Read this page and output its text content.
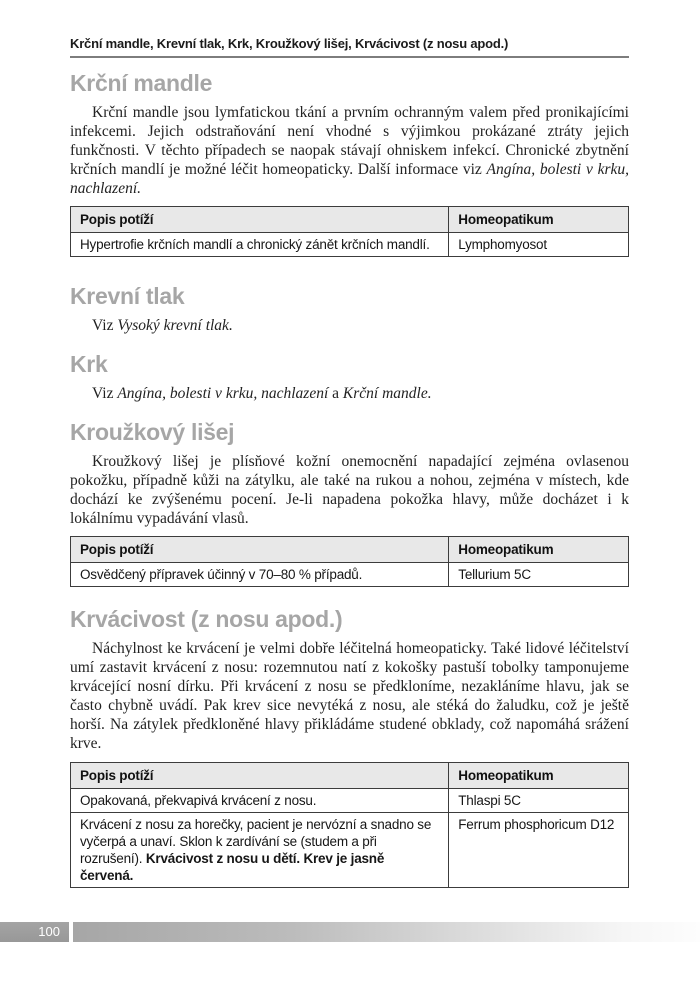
Krční mandle, Krevní tlak, Krk, Kroužkový lišej, Krvácivost (z nosu apod.)
Krční mandle

Krční mandle jsou lymfatickou tkání a prvním ochranným valem před pronikajícími infekcemi. Jejich odstraňování není vhodné s výjimkou prokázané ztráty jejich funkčnosti. V těchto případech se naopak stávají ohniskem infekcí. Chronické zbytnění krčních mandlí je možné léčit homeopaticky. Další informace viz Angína, bolesti v krku, nachlazení.

Popis potíží	Homeopatikum
Hypertrofie krčních mandlí a chronický zánět krčních mandlí.	Lymphomyosot
Krevní tlak

Viz Vysoký krevní tlak.

Krk

Viz Angína, bolesti v krku, nachlazení a Krční mandle.

Kroužkový lišej

Kroužkový lišej je plísňové kožní onemocnění napadající zejména ovlasenou pokožku, případně kůži na zátylku, ale také na rukou a nohou, zejména v místech, kde dochází ke zvýšenému pocení. Je-li napadena pokožka hlavy, může docházet i k lokálnímu vypadávání vlasů.

Popis potíží	Homeopatikum
Osvědčený přípravek účinný v 70–80 % případů.	Tellurium 5C
Krvácivost (z nosu apod.)

Náchylnost ke krvácení je velmi dobře léčitelná homeopaticky. Také lidové léčitelství umí zastavit krvácení z nosu: rozemnutou natí z kokošky pastuší tobolky tamponujeme krvácející nosní dírku. Při krvácení z nosu se předkloníme, nezakláníme hlavu, jak se často chybně uvádí. Pak krev sice nevytéká z nosu, ale stéká do žaludku, což je ještě horší. Na zátylek předkloněné hlavy přikládáme studené obklady, což napomáhá srážení krve.

Popis potíží	Homeopatikum
Opakovaná, překvapivá krvácení z nosu.	Thlaspi 5C
Krvácení z nosu za horečky, pacient je nervózní a snadno se vyčerpá a unaví. Sklon k zardívání se (studem a při rozrušení). Krvácivost z nosu u dětí. Krev je jasně červená.	Ferrum phosphoricum D12
100
